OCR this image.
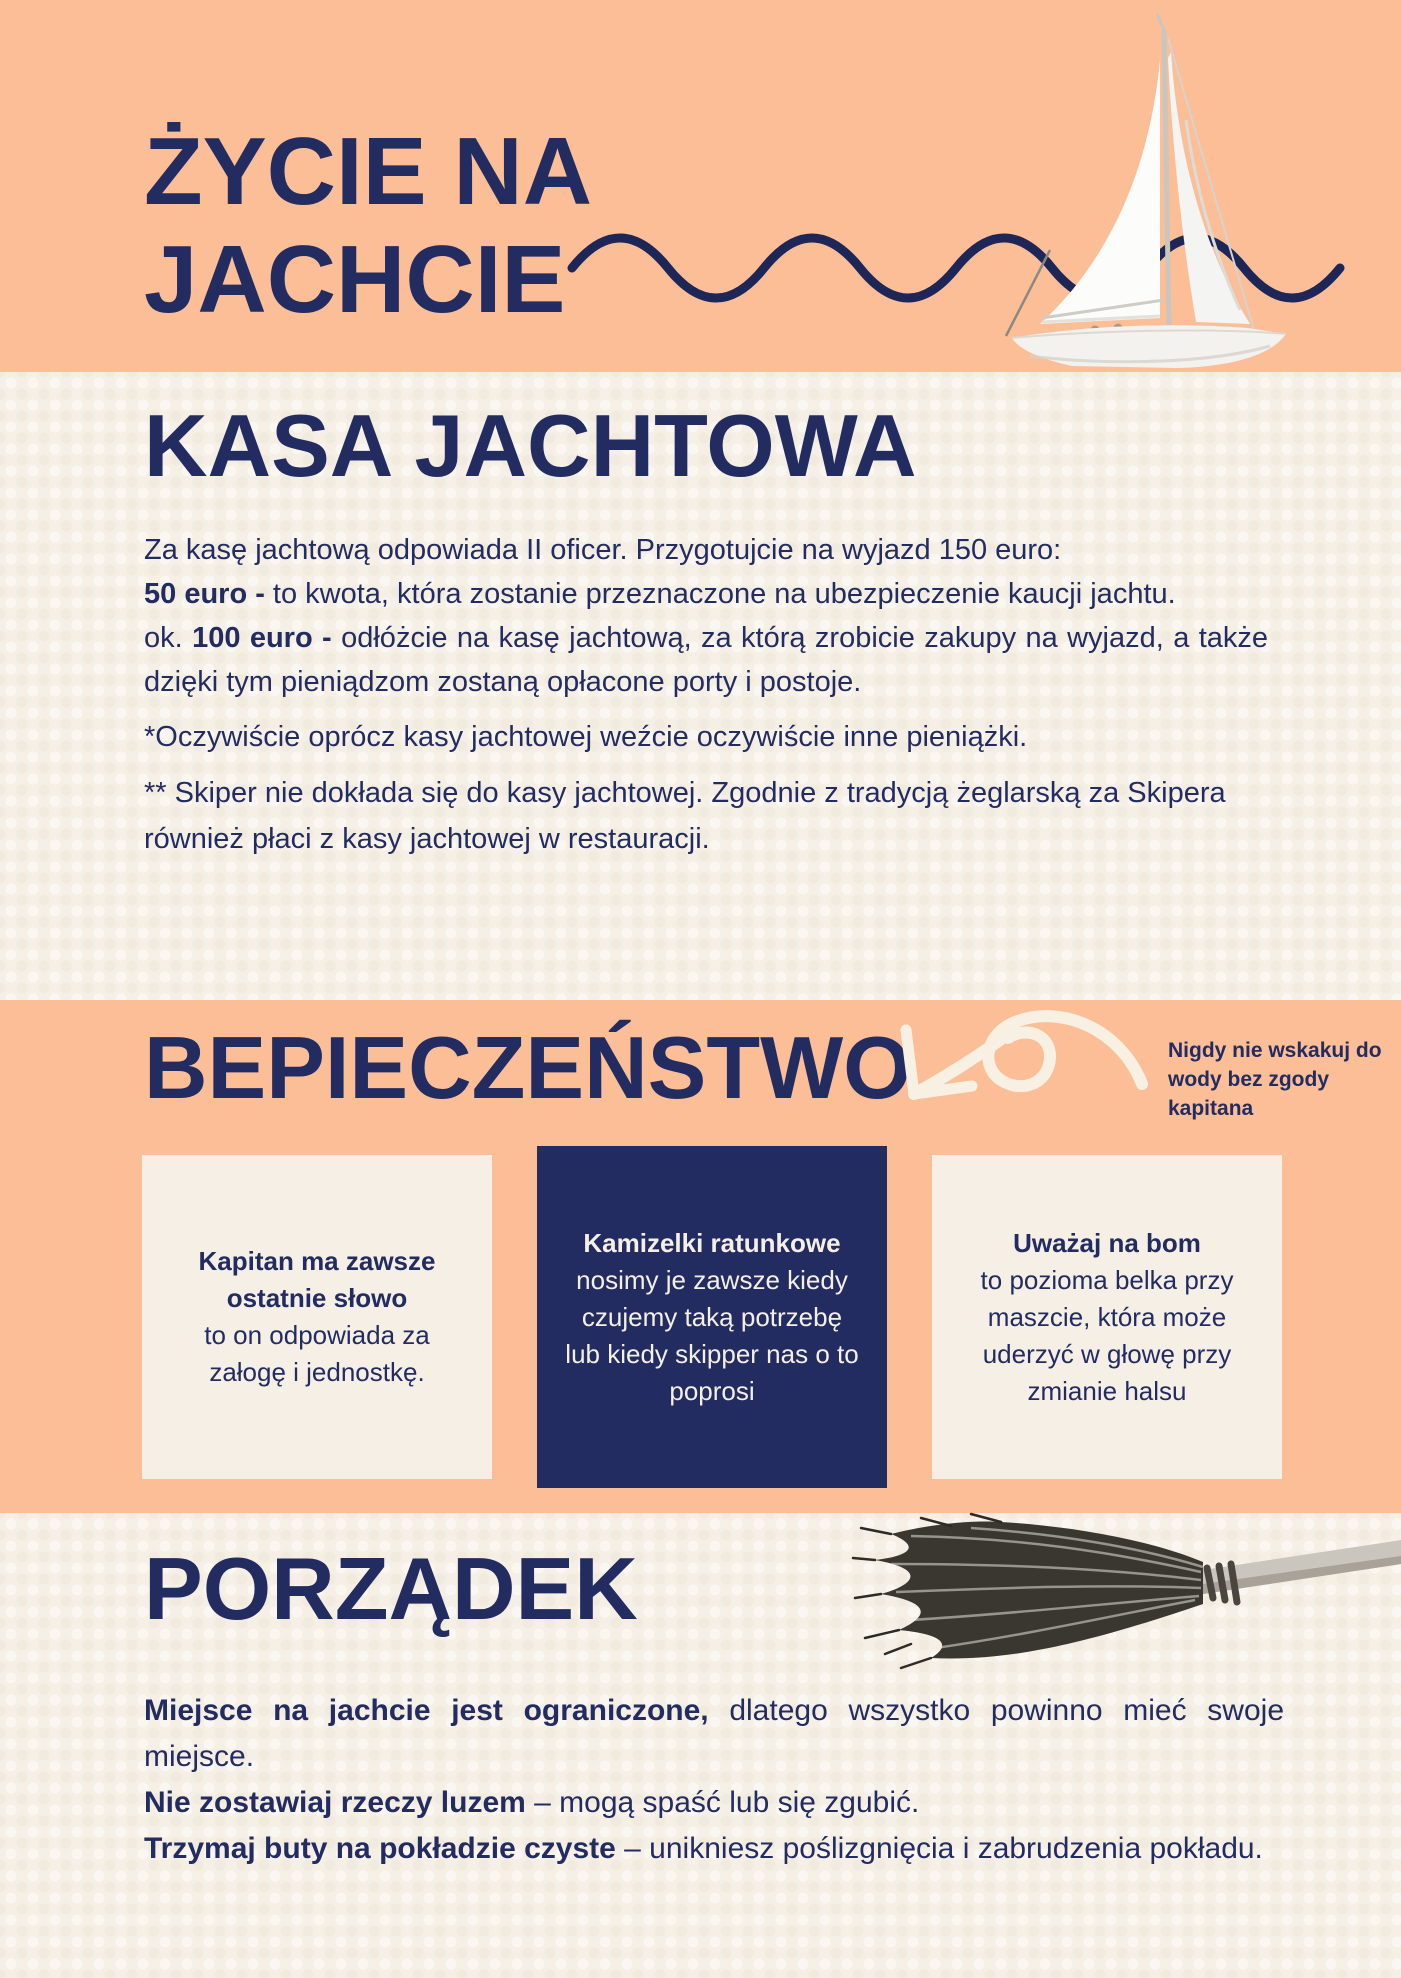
ŻYCIE NA
JACHCIE
KASA JACHTOWA

Za kasę jachtową odpowiada II oficer. Przygotujcie na wyjazd 150 euro:

50 euro - to kwota, która zostanie przeznaczone na ubezpieczenie kaucji jachtu.

ok. 100 euro - odłóżcie na kasę jachtową, za którą zrobicie zakupy na wyjazd, a także dzięki tym pieniądzom zostaną opłacone porty i postoje.

*Oczywiście oprócz kasy jachtowej weźcie oczywiście inne pieniążki.

** Skiper nie dokłada się do kasy jachtowej. Zgodnie z tradycją żeglarską za Skipera również płaci z kasy jachtowej w restauracji.

BEPIECZEŃSTWO	Nigdy nie wskakuj do wody bez zgody kapitana
Kapitan ma zawsze ostatnie słowo
to on odpowiada za załogę i jednostkę.
Kamizelki ratunkowe
nosimy je zawsze kiedy czujemy taką potrzebę lub kiedy skipper nas o to poprosi
Uważaj na bom
to pozioma belka przy maszcie, która może uderzyć w głowę przy zmianie halsu
PORZĄDEK

Miejsce na jachcie jest ograniczone, dlatego wszystko powinno mieć swoje miejsce.

Nie zostawiaj rzeczy luzem – mogą spaść lub się zgubić.

Trzymaj buty na pokładzie czyste – unikniesz poślizgnięcia i zabrudzenia pokładu.
